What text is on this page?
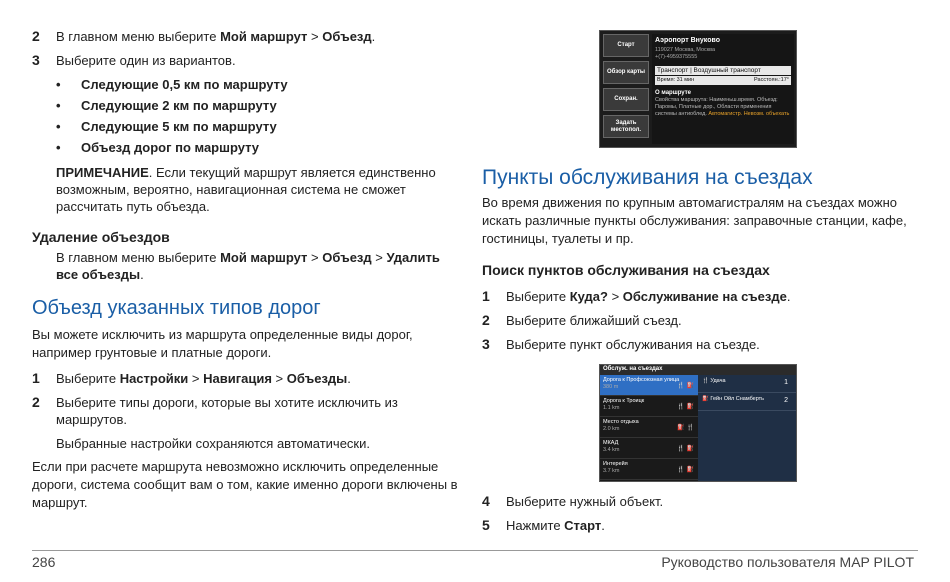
2	В главном меню выберите Мой маршрут > Объезд.
3	Выберите один из вариантов.
•	Следующие 0,5 км по маршруту
•	Следующие 2 км по маршруту
•	Следующие 5 км по маршруту
•	Объезд дорог по маршруту
ПРИМЕЧАНИЕ. Если текущий маршрут является единственно возможным, вероятно, навигационная система не сможет рассчитать путь объезда.
Удаление объездов
В главном меню выберите Мой маршрут > Объезд > Удалить все объезды.
Объезд указанных типов дорог
Вы можете исключить из маршрута определенные виды дорог, например грунтовые и платные дороги.
1	Выберите Настройки > Навигация > Объезды.
2	Выберите типы дороги, которые вы хотите исключить из маршрутов.
Выбранные настройки сохраняются автоматически.
Если при расчете маршрута невозможно исключить определенные дороги, система сообщит вам о том, какие именно дороги включены в маршрут.
Старт
Обзор карты
Сохран.
Задать местопол.
Аэропорт Внуково
119027 Москва, Москва
+(7)-4959375555
Транспорт | Воздушный транспорт
Время: 31 мин	Расстоян.:17°
О маршруте
Свойства маршрута: Наименьш.время. Объезд: Паромы, Платные дор., Области применения системы антиоблед. Автомагистр. Невозм. объехать
Пункты обслуживания на съездах
Во время движения по крупным автомагистралям на съездах можно искать различные пункты обслуживания: заправочные станции, кафе, гостиницы, туалеты и пр.
Поиск пунктов обслуживания на съездах
1	Выберите Куда? > Обслуживание на съезде.
2	Выберите ближайший съезд.
3	Выберите пункт обслуживания на съезде.
4	Выберите нужный объект.
5	Нажмите Старт.
Обслуж. на съездах
Дорога к Профсоюзная улица
380 m	🍴 ⛽
Дорога к Троицк
1.1 km	🍴 ⛽
Место отдыха
2.0 km	⛽ 🍴
МКАД
3.4 km	🍴 ⛽
Интерейя
3.7 km	🍴 ⛽
🍴 Удача	1
⛽ Гейн Ойл Снамберть	2
286	Руководство пользователя MAP PILOT
